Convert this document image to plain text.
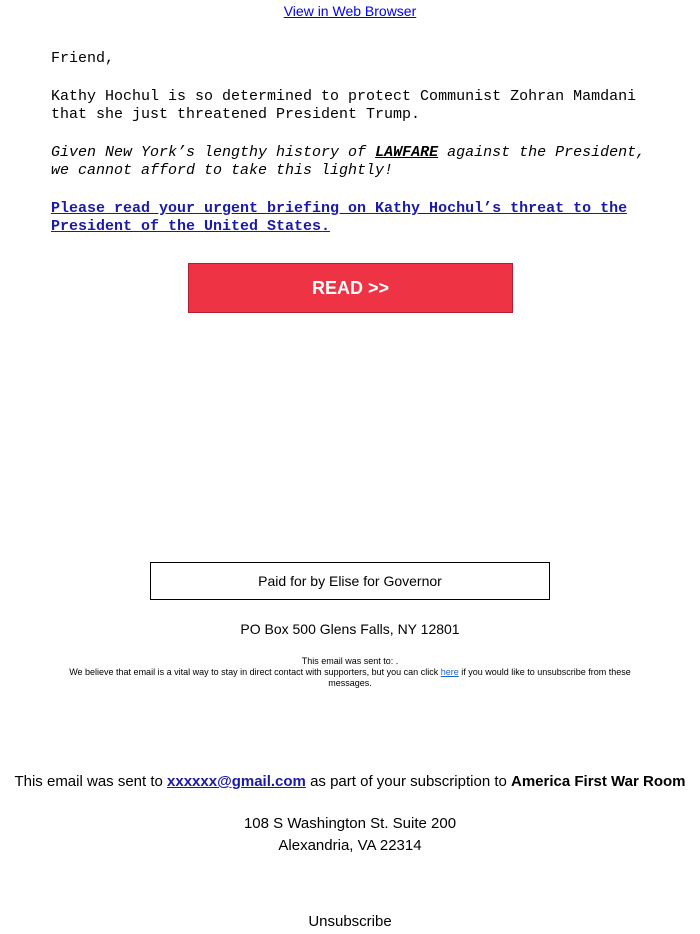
View in Web Browser
Friend,
Kathy Hochul is so determined to protect Communist Zohran Mamdani that she just threatened President Trump.
Given New York’s lengthy history of LAWFARE against the President, we cannot afford to take this lightly!
Please read your urgent briefing on Kathy Hochul’s threat to the President of the United States.
READ >>
Paid for by Elise for Governor
PO Box 500 Glens Falls, NY 12801
This email was sent to: .
We believe that email is a vital way to stay in direct contact with supporters, but you can click here if you would like to unsubscribe from these messages.
This email was sent to xxxxxx@gmail.com as part of your subscription to America First War Room
108 S Washington St. Suite 200
Alexandria, VA 22314
Unsubscribe
